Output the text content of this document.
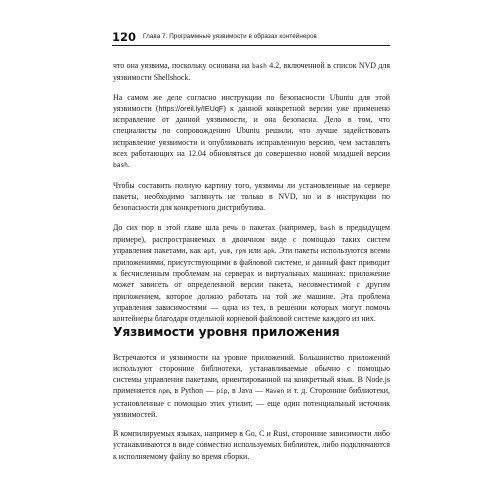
120 Глава 7. Программные уязвимости в образах контейнеров

что она уязвима, поскольку основана на bash 4.2, включенной в список NVD для уязвимости Shellshock.

На самом же деле согласно инструкции по безопасности Ubuntu для этой уязвимости (https://oreil.ly/IEUqF) к данной конкретной версии уже применено исправление от данной уязвимости, и она безопасна. Дело в том, что специалисты по сопровождению Ubuntu решили, что лучше задействовать исправление уязвимости и опубликовать исправленную версию, чем заставлять всех работающих на 12.04 обновляться до совершенно новой младшей версии bash.

Чтобы составить полную картину того, уязвимы ли установленные на сервере пакеты, необходимо заглянуть не только в NVD, но и в инструкции по безопасности для конкретного дистрибутива.

До сих пор в этой главе шла речь о пакетах (например, bash в предыдущем примере), распространяемых в двоичном виде с помощью таких систем управления пакетами, как apt, yum, rpm или apk. Эти пакеты используются всеми приложениями, присутствующими в файловой системе, и данный факт приводит к бесчисленным проблемам на серверах и виртуальных машинах: приложение может зависеть от определенной версии пакета, несовместимой с другим приложением, которое должно работать на той же машине. Эта проблема управления зависимостями — одна из тех, в решении которых могут помочь контейнеры благодаря отдельной корневой файловой системе каждого из них.

Уязвимости уровня приложения

Встречаются и уязвимости на уровне приложений. Большинство приложений используют сторонние библиотеки, устанавливаемые обычно с помощью системы управления пакетами, ориентированной на конкретный язык. В Node.js применяется npm, в Python — pip, в Java — Maven и т. д. Сторонние библиотеки, установленные с помощью этих утилит, — еще один потенциальный источник уязвимостей.

В компилируемых языках, например в Go, C и Rust, сторонние зависимости либо устанавливаются в виде совместно используемых библиотек, либо подключаются к исполняемому файлу во время сборки.
